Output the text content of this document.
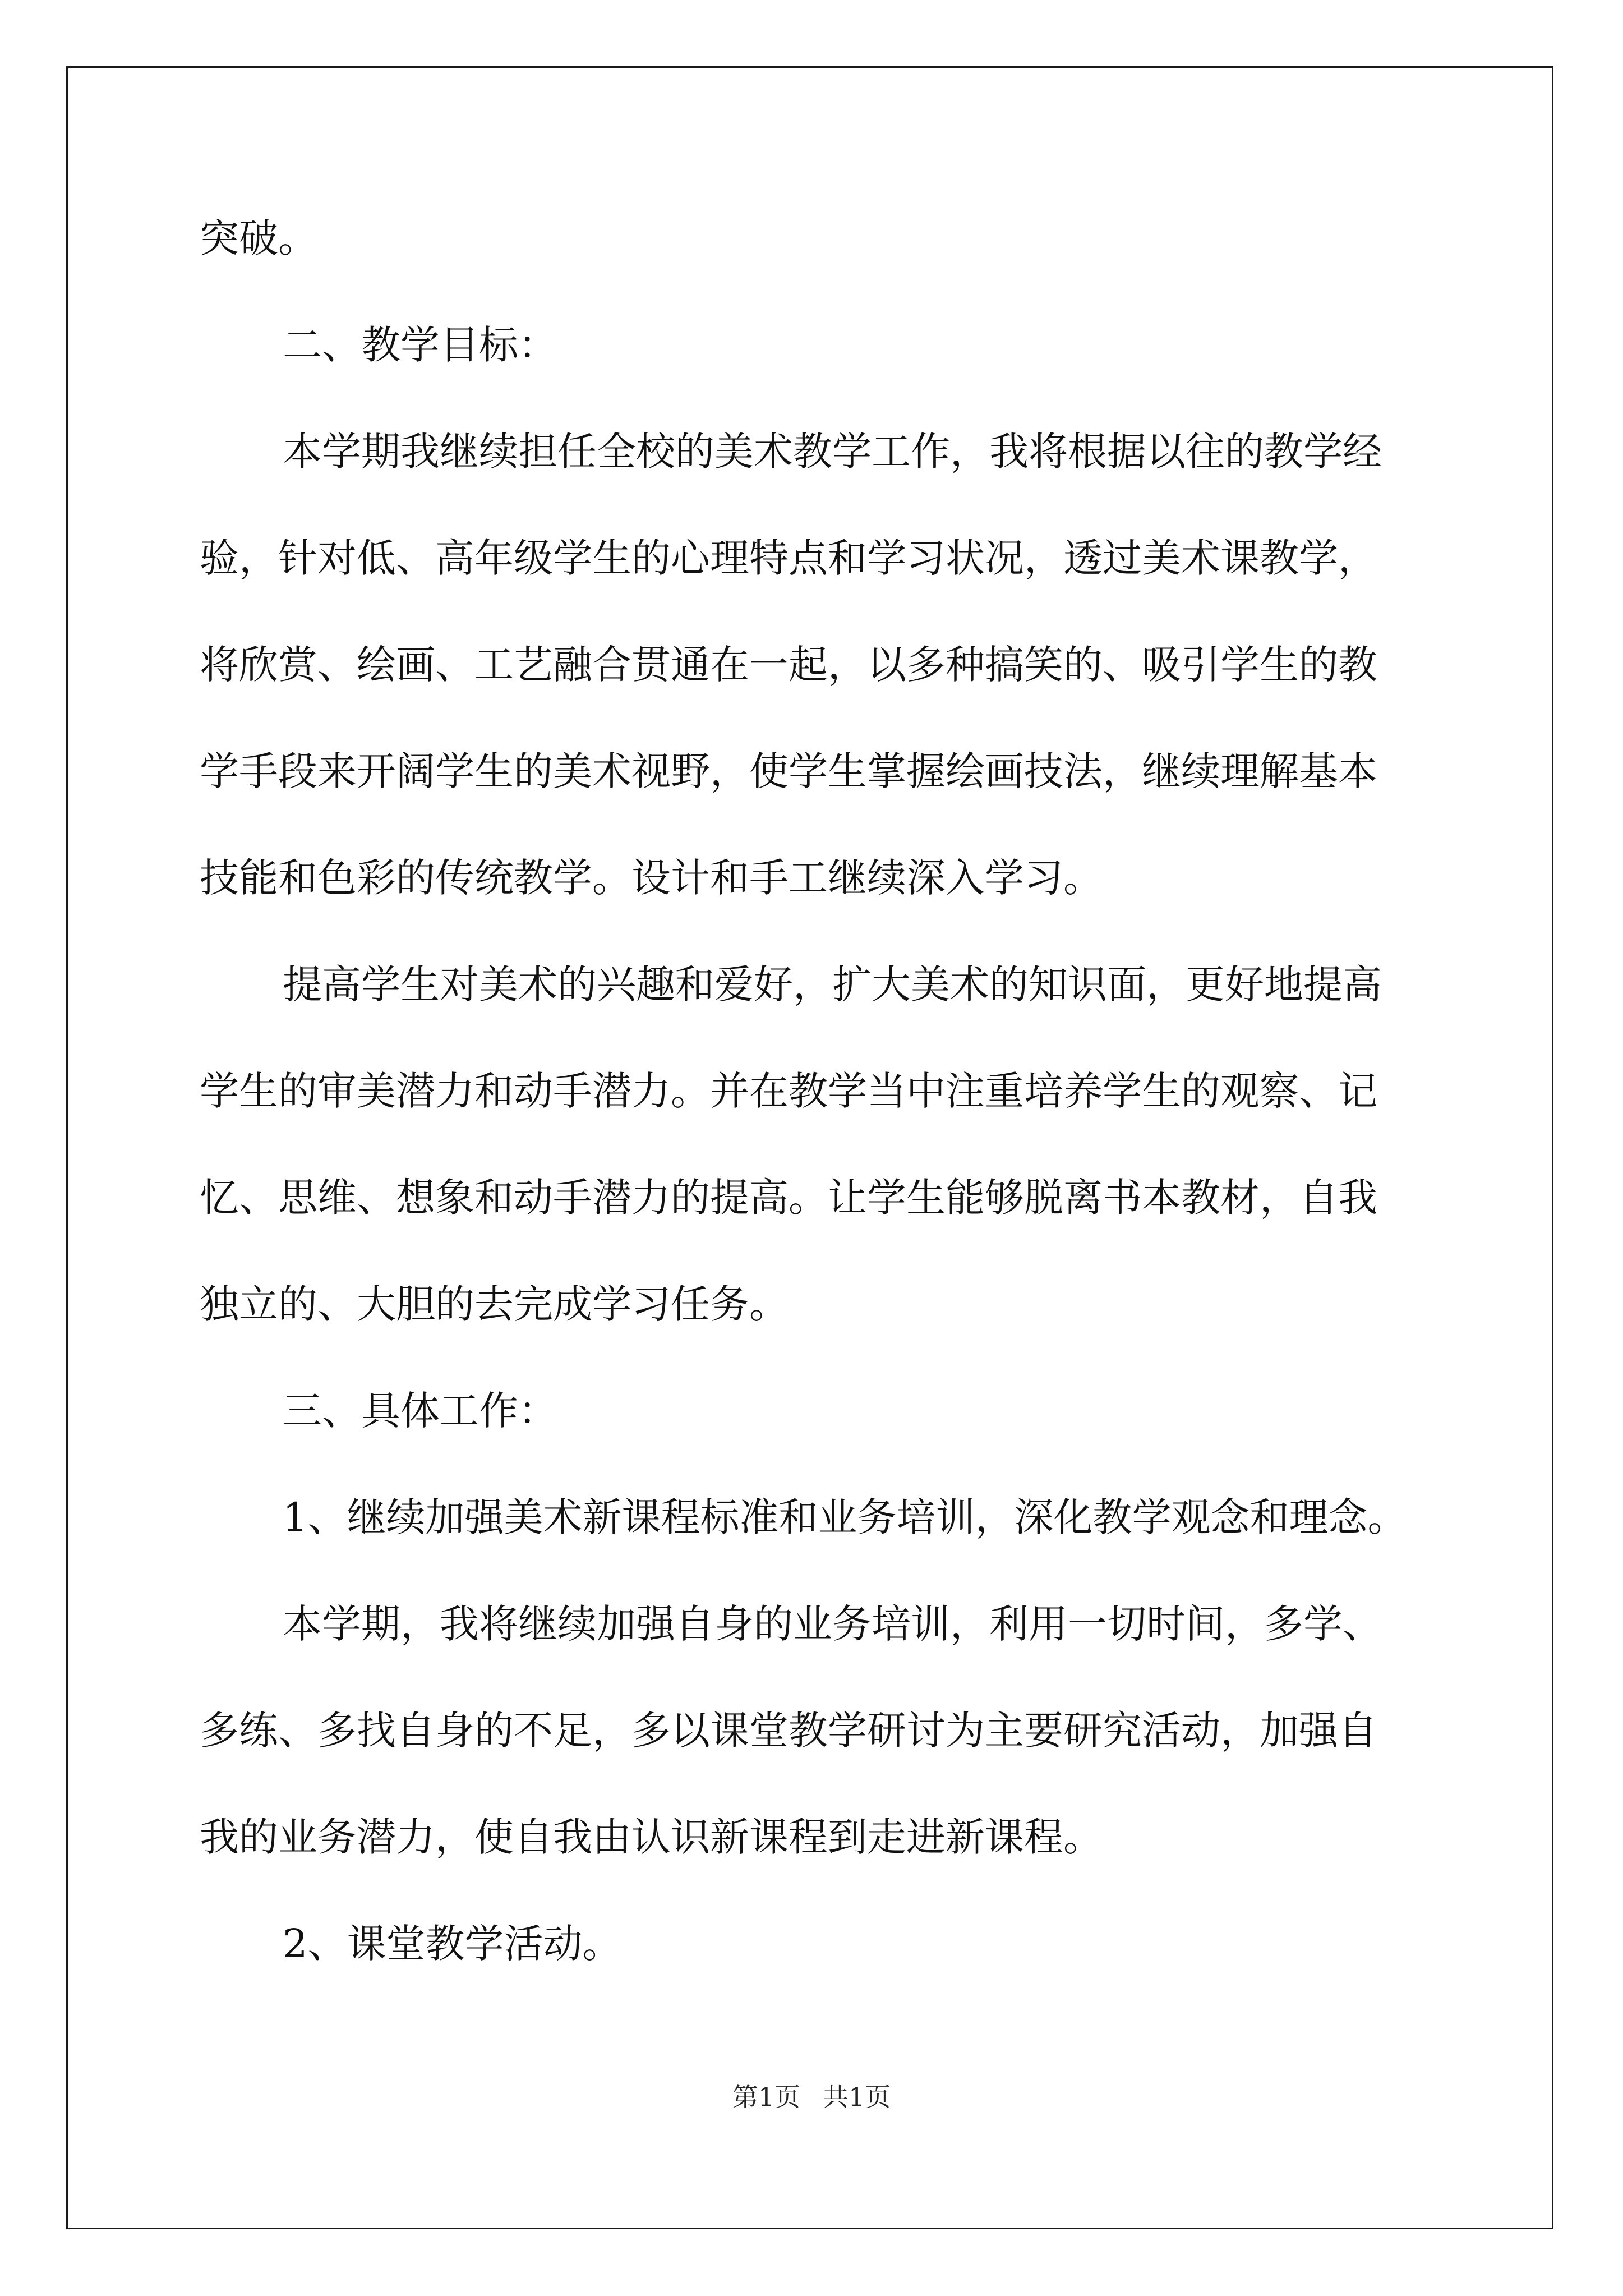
突破。
二、教学目标：
本学期我继续担任全校的美术教学工作，我将根据以往的教学经
验，针对低、高年级学生的心理特点和学习状况，透过美术课教学，
将欣赏、绘画、工艺融合贯通在一起，以多种搞笑的、吸引学生的教
学手段来开阔学生的美术视野，使学生掌握绘画技法，继续理解基本
技能和色彩的传统教学。设计和手工继续深入学习。
提高学生对美术的兴趣和爱好，扩大美术的知识面，更好地提高
学生的审美潜力和动手潜力。并在教学当中注重培养学生的观察、记
忆、思维、想象和动手潜力的提高。让学生能够脱离书本教材，自我
独立的、大胆的去完成学习任务。
三、具体工作：
1、继续加强美术新课程标准和业务培训，深化教学观念和理念。
本学期，我将继续加强自身的业务培训，利用一切时间，多学、
多练、多找自身的不足，多以课堂教学研讨为主要研究活动，加强自
我的业务潜力，使自我由认识新课程到走进新课程。
2、课堂教学活动。
第1页 共1页
